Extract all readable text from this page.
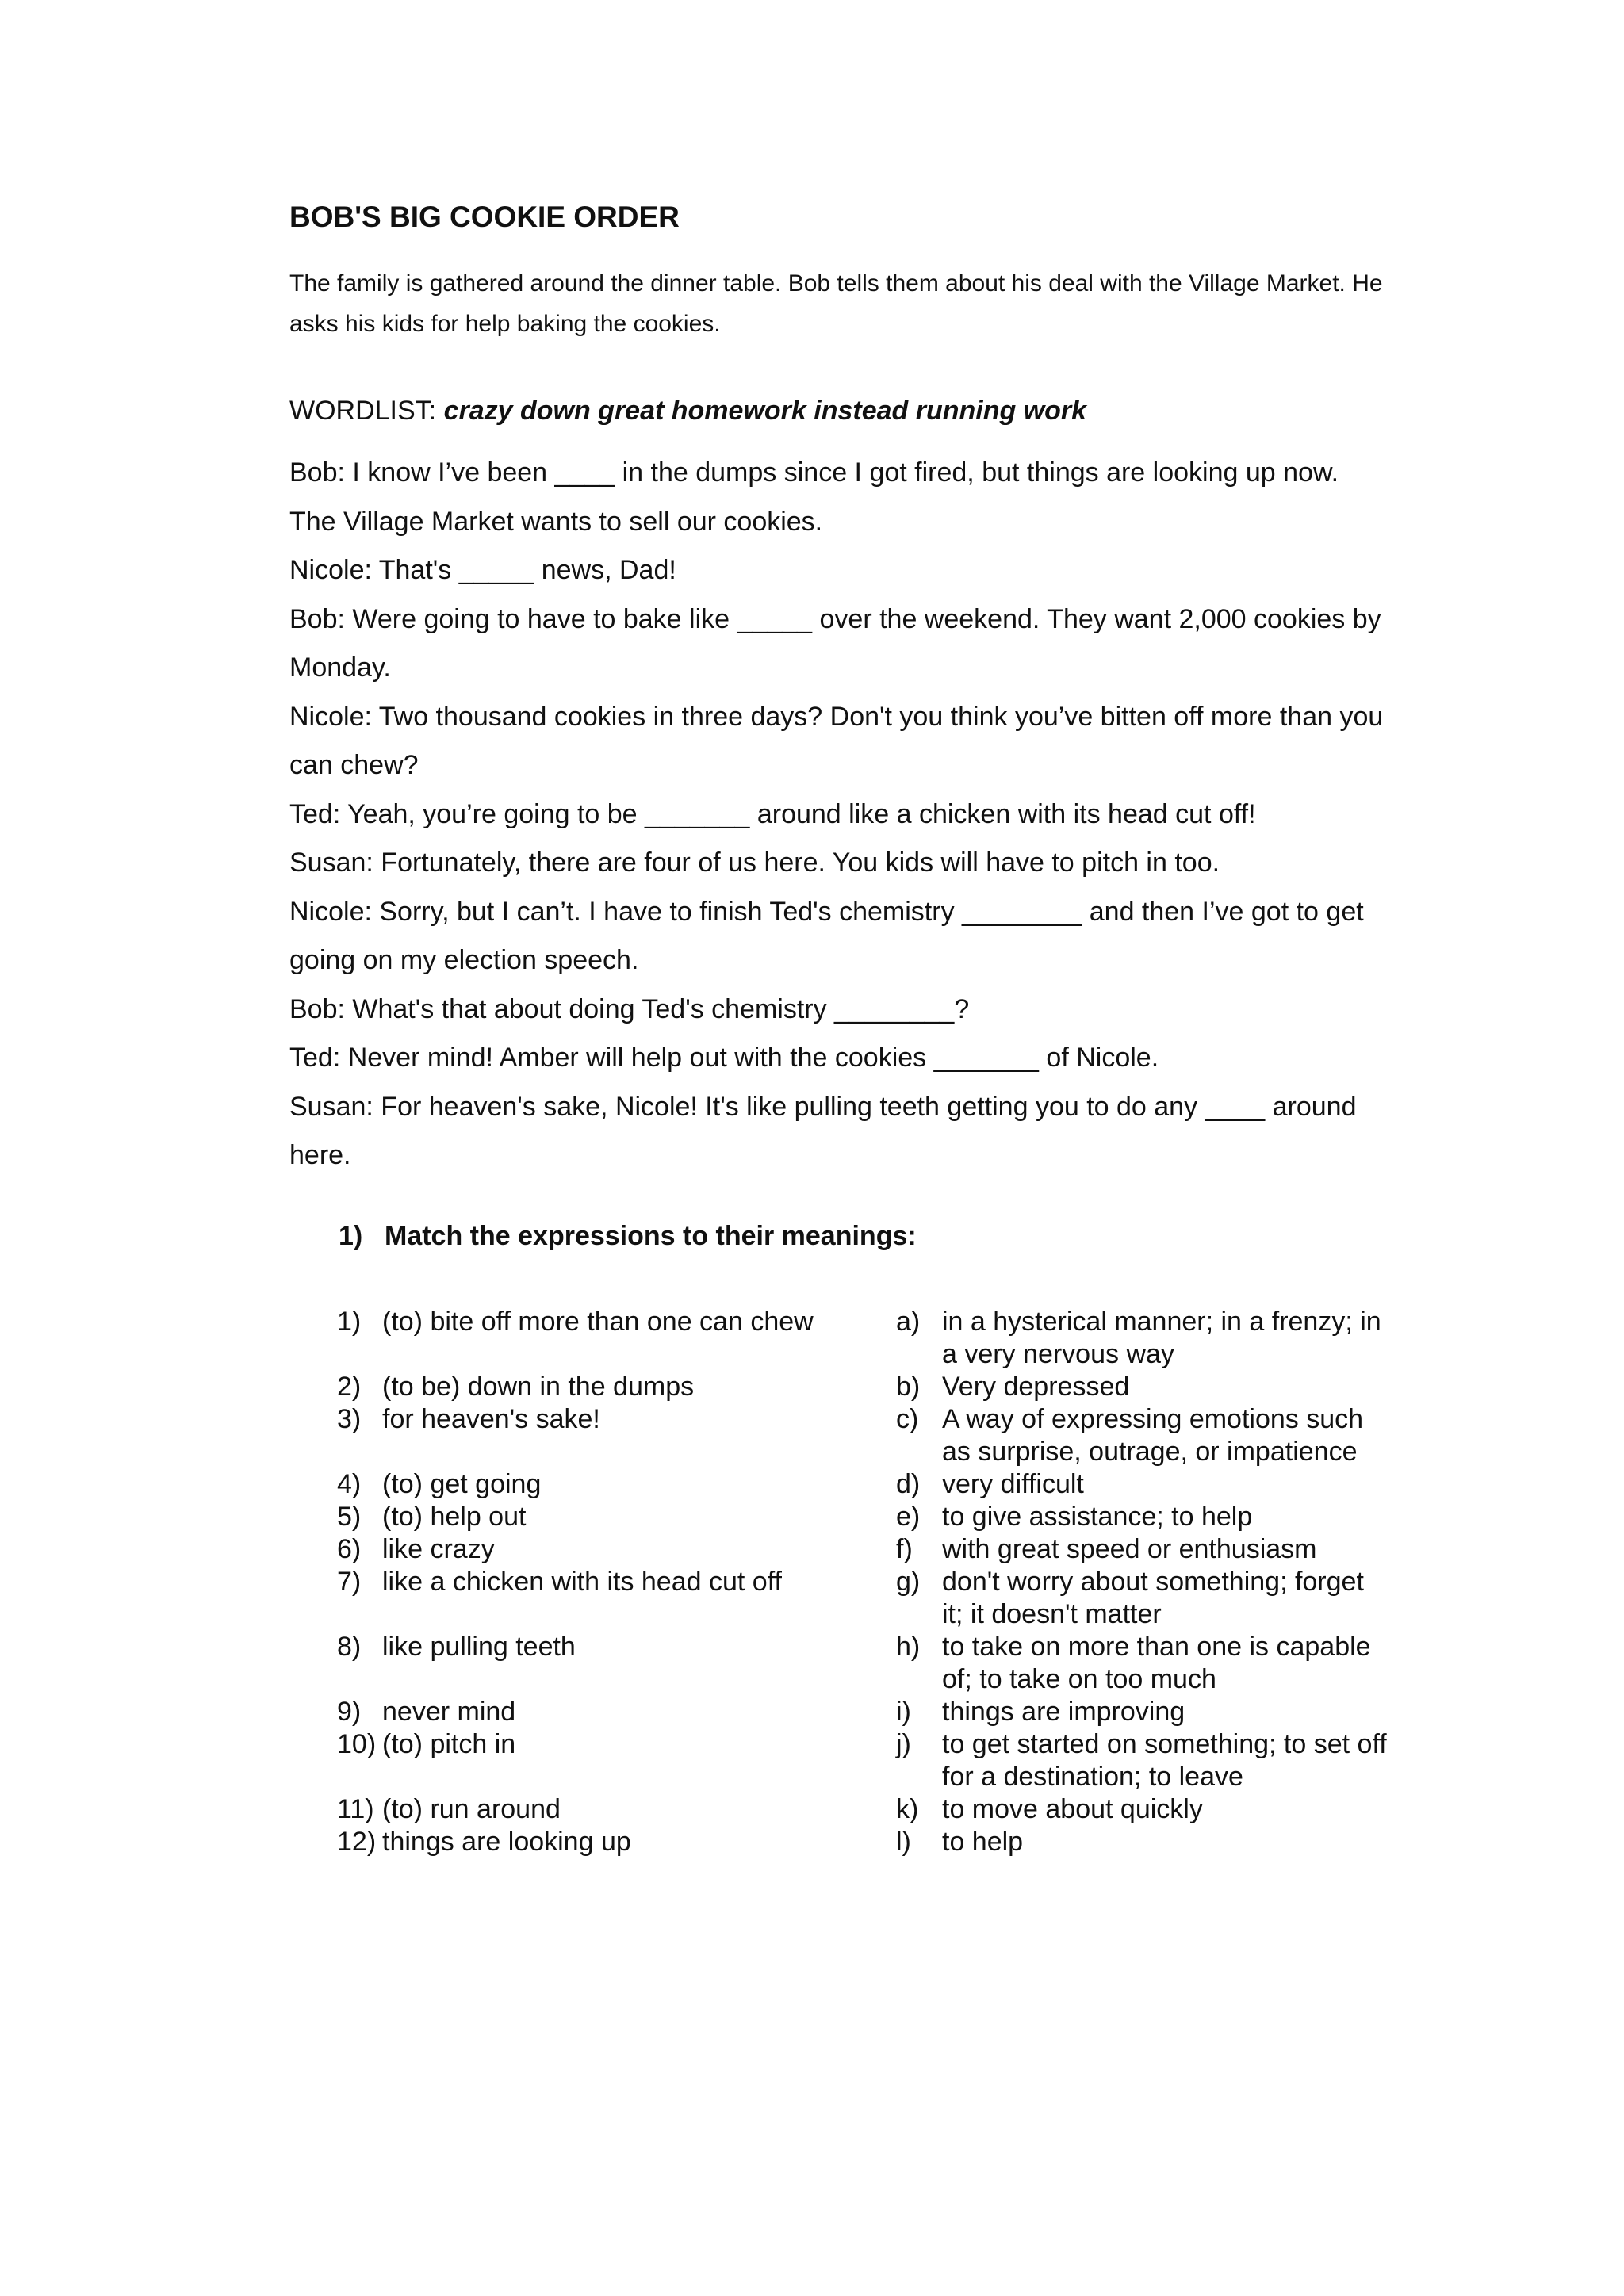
BOB'S BIG COOKIE ORDER

The family is gathered around the dinner table. Bob tells them about his deal with the Village Market. He asks his kids for help baking the cookies.

WORDLIST: crazy down great homework instead running work

Bob: I know I’ve been ____ in the dumps since I got fired, but things are looking up now. The Village Market wants to sell our cookies.

Nicole: That's _____ news, Dad!

Bob: Were going to have to bake like _____ over the weekend. They want 2,000 cookies by Monday.

Nicole: Two thousand cookies in three days? Don't you think you’ve bitten off more than you can chew?

Ted: Yeah, you’re going to be _______ around like a chicken with its head cut off!

Susan: Fortunately, there are four of us here. You kids will have to pitch in too.

Nicole: Sorry, but I can’t. I have to finish Ted's chemistry ________ and then I’ve got to get going on my election speech.

Bob: What's that about doing Ted's chemistry ________?

Ted: Never mind! Amber will help out with the cookies _______ of Nicole.

Susan: For heaven's sake, Nicole! It's like pulling teeth getting you to do any ____ around here.

1) Match the expressions to their meanings:
1) (to) bite off more than one can chew	a) in a hysterical manner; in a frenzy; in a very nervous way
2) (to be) down in the dumps	b) Very depressed
3) for heaven's sake!	c) A way of expressing emotions such as surprise, outrage, or impatience
4) (to) get going	d) very difficult
5) (to) help out	e) to give assistance; to help
6) like crazy	f)	with great speed or enthusiasm
7) like a chicken with its head cut off	g) don't worry about something; forget it; it doesn't matter
8) like pulling teeth	h) to take on more than one is capable of; to take on too much
9) never mind	i)	things are improving
10) (to) pitch in	j)	to get started on something; to set off for a destination; to leave
11) (to) run around	k) to move about quickly
12) things are looking up	l)	to help
